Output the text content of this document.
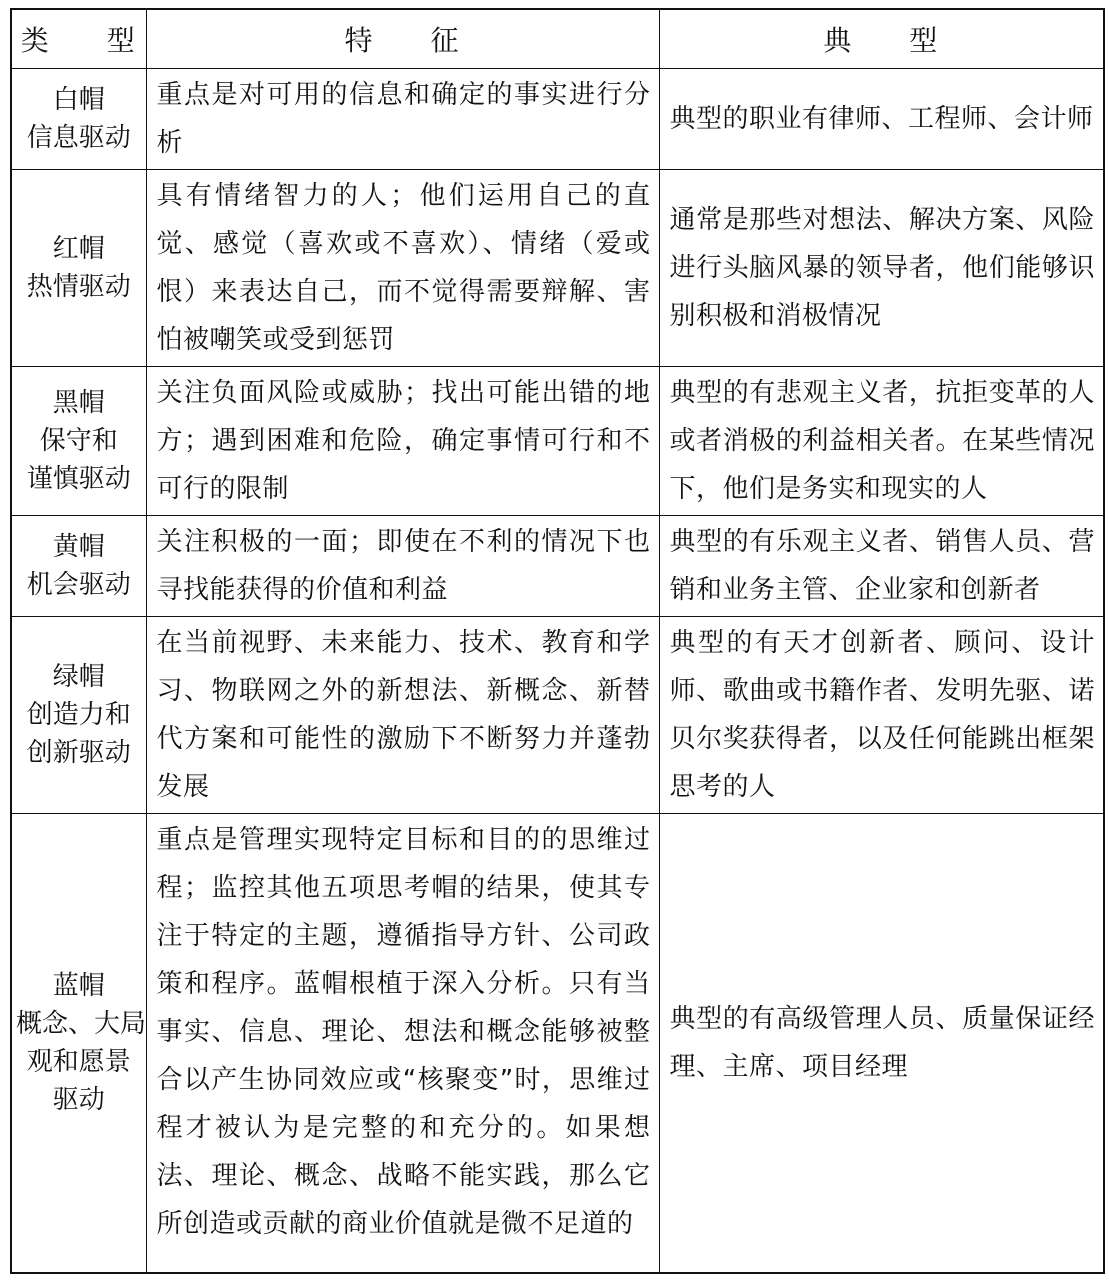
类 型	特 征	典 型

白帽
信息驱动	重点是对可用的信息和确定的事实进行分析	典型的职业有律师、工程师、会计师

红帽
热情驱动	具有情绪智力的人；他们运用自己的直觉、感觉（喜欢或不喜欢）、情绪（爱或恨）来表达自己，而不觉得需要辩解、害怕被嘲笑或受到惩罚	通常是那些对想法、解决方案、风险进行头脑风暴的领导者，他们能够识别积极和消极情况

黑帽
保守和
谨慎驱动	关注负面风险或威胁；找出可能出错的地方；遇到困难和危险，确定事情可行和不可行的限制	典型的有悲观主义者，抗拒变革的人或者消极的利益相关者。在某些情况下，他们是务实和现实的人

黄帽
机会驱动	关注积极的一面；即使在不利的情况下也寻找能获得的价值和利益	典型的有乐观主义者、销售人员、营销和业务主管、企业家和创新者

绿帽
创造力和
创新驱动	在当前视野、未来能力、技术、教育和学习、物联网之外的新想法、新概念、新替代方案和可能性的激励下不断努力并蓬勃发展	典型的有天才创新者、顾问、设计师、歌曲或书籍作者、发明先驱、诺贝尔奖获得者，以及任何能跳出框架思考的人

蓝帽
概念、大局
观和愿景
驱动	重点是管理实现特定目标和目的的思维过程；监控其他五项思考帽的结果，使其专注于特定的主题，遵循指导方针、公司政策和程序。蓝帽根植于深入分析。只有当事实、信息、理论、想法和概念能够被整合以产生协同效应或“核聚变”时，思维过程才被认为是完整的和充分的。如果想法、理论、概念、战略不能实践，那么它所创造或贡献的商业价值就是微不足道的	典型的有高级管理人员、质量保证经理、主席、项目经理
